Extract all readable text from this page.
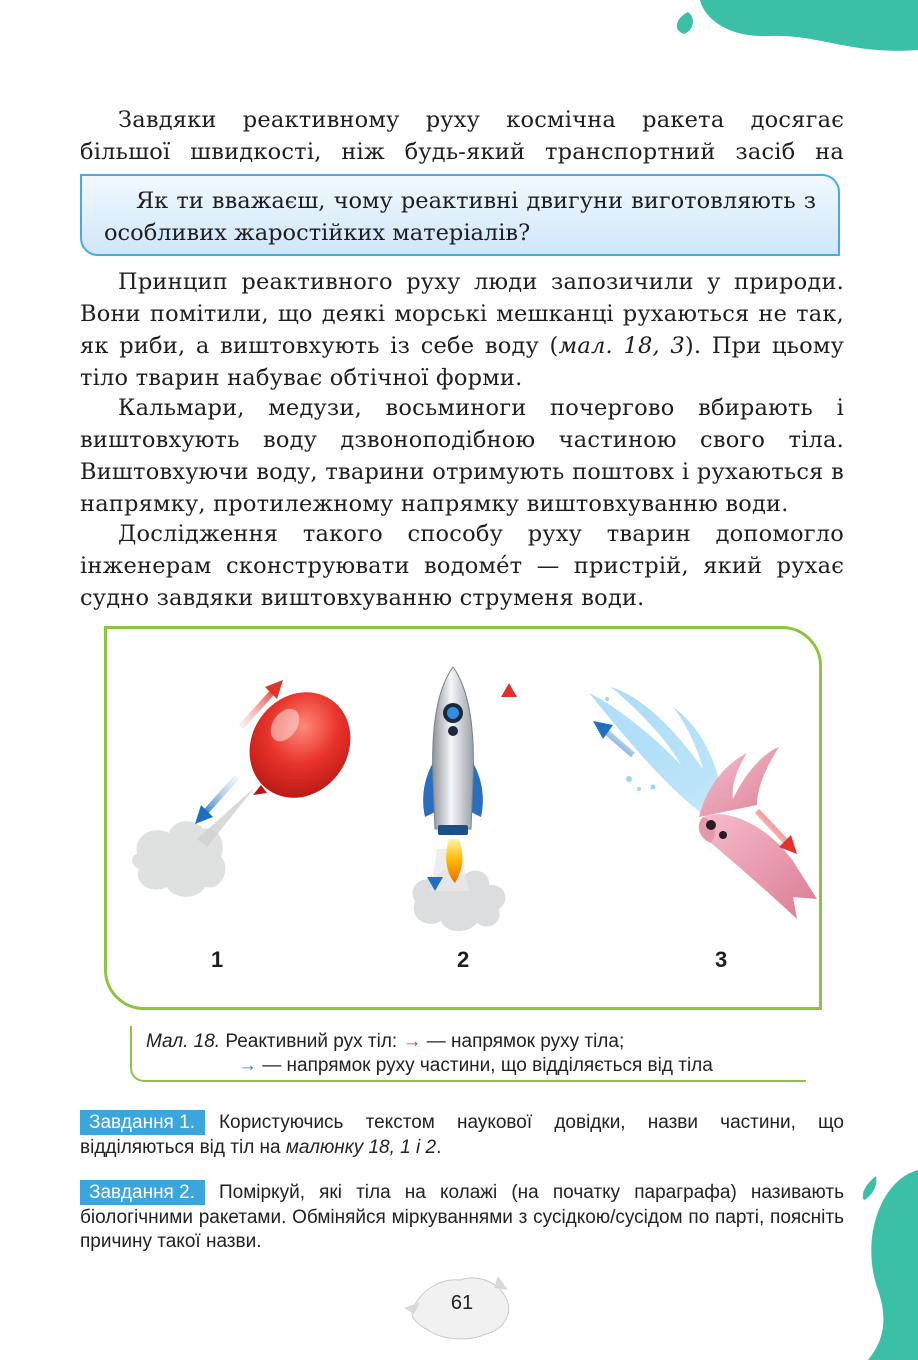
Завдяки реактивному руху космічна ракета досягає більшої швидкості, ніж будь-який транспортний засіб на

Як ти вважаєш, чому реактивні двигуни виготовляють з особливих жаростійких матеріалів?

Принцип реактивного руху люди запозичили у природи. Вони помітили, що деякі морські мешканці рухаються не так, як риби, а виштовхують із себе воду (мал. 18, 3). При цьому тіло тварин набуває обтічної форми.

Кальмари, медузи, восьминоги почергово вбирають і виштовхують воду дзвоноподібною частиною свого тіла. Виштовхуючи воду, тварини отримують поштовх і рухаються в напрямку, протилежному напрямку виштовхуванню води.

Дослідження такого способу руху тварин допомогло інженерам сконструювати водоме́т — пристрій, який рухає судно завдяки виштовхуванню струменя води.

1	2	3

Мал. 18. Реактивний рух тіл: → — напрямок руху тіла;
→ — напрямок руху частини, що відділяється від тіла

Завдання 1. Користуючись текстом наукової довідки, назви частини, що відділяються від тіл на малюнку 18, 1 і 2.

Завдання 2. Поміркуй, які тіла на колажі (на початку параграфа) називають біологічними ракетами. Обміняйся міркуваннями з сусідкою/сусідом по парті, поясніть причину такої назви.

61
